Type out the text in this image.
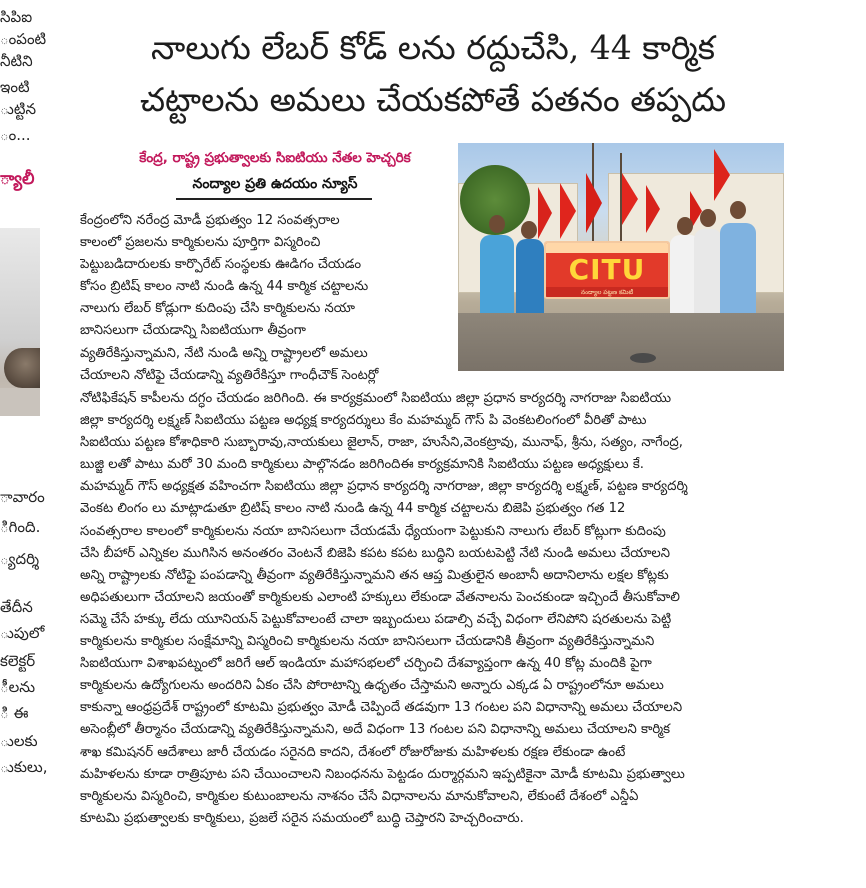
సిపిఐ
ంపంటి
నీటిని
ఇంటి
ుట్టిన
ం...
్యాలీ
ావారం
ిగింది.
్యదర్శి
తేదీన
ుపులో
కలెక్టర్
ీలను
ి ఈ
ులకు
ుకులు,
నాలుగు లేబర్ కోడ్ లను రద్దుచేసి, 44 కార్మిక
చట్టాలను అమలు చేయకపోతే పతనం తప్పదు
కేంద్ర, రాష్ట్ర ప్రభుత్వాలకు సిఐటియు నేతల హెచ్చరిక
నంద్యాల ప్రతి ఉదయం న్యూస్
CITU
నంద్యాల పట్టణ కమిటీ
కేంద్రంలోని నరేంద్ర మోడీ ప్రభుత్వం 12 సంవత్సరాల
కాలంలో ప్రజలను కార్మికులను పూర్తిగా విస్మరించి
పెట్టుబడిదారులకు కార్పొరేట్ సంస్థలకు ఊడిగం చేయడం
కోసం బ్రిటిష్ కాలం నాటి నుండి ఉన్న 44 కార్మిక చట్టాలను
నాలుగు లేబర్ కోడ్లుగా కుదింపు చేసి కార్మికులను నయా
బానిసలుగా చేయడాన్ని సిఐటియుగా తీవ్రంగా
వ్యతిరేకిస్తున్నామని, నేటి నుండి అన్ని రాష్ట్రాలలో అమలు
చేయాలని నోటిఫై చేయడాన్ని వ్యతిరేకిస్తూ గాంధీచౌక్ సెంటర్లో
నోటిఫికేషన్ కాపీలను దగ్ధం చేయడం జరిగింది. ఈ కార్యక్రమంలో సిఐటియు జిల్లా ప్రధాన కార్యదర్శి నాగరాజు సిఐటియు
జిల్లా కార్యదర్శి లక్ష్మణ్ సిఐటియు పట్టణ అధ్యక్ష కార్యదర్శులు కేం మహమ్మద్ గౌస్ పి వెంకటలింగంలో వీరితో పాటు
సిఐటియు పట్టణ కోశాధికారి సుబ్బారావు,నాయకులు జైలాన్, రాజా, హుసేని,వెంకట్రావు, మునాఫ్, శ్రీను, సత్యం, నాగేంద్ర,
బుజ్జి లతో పాటు మరో 30 మంది కార్మికులు పాల్గొనడం జరిగిందిఈ కార్యక్రమానికి సిఐటియు పట్టణ అధ్యక్షులు కే.
మహమ్మద్ గౌస్ అధ్యక్షత వహించగా సిఐటియు జిల్లా ప్రధాన కార్యదర్శి నాగరాజు, జిల్లా కార్యదర్శి లక్ష్మణ్, పట్టణ కార్యదర్శి
వెంకట లింగం లు మాట్లాడుతూ బ్రిటిష్ కాలం నాటి నుండి ఉన్న 44 కార్మిక చట్టాలను బిజెపి ప్రభుత్వం గత 12
సంవత్సరాల కాలంలో కార్మికులను నయా బానిసలుగా చేయడమే ధ్యేయంగా పెట్టుకుని నాలుగు లేబర్ కోట్లుగా కుదింపు
చేసి బీహార్ ఎన్నికల ముగిసిన అనంతరం వెంటనే బిజెపి కపట కపట బుద్ధిని బయటపెట్టి నేటి నుండి అమలు చేయాలని
అన్ని రాష్ట్రాలకు నోటిఫై పంపడాన్ని తీవ్రంగా వ్యతిరేకిస్తున్నామని తన ఆప్త మిత్రులైన అంబానీ అదానిలాను లక్షల కోట్లకు
అధిపతులుగా చేయాలని జయంతో కార్మికులకు ఎలాంటి హక్కులు లేకుండా వేతనాలను పెంచకుండా ఇచ్చిందే తీసుకోవాలి
సమ్మె చేసే హక్కు లేదు యూనియన్ పెట్టుకోవాలంటే చాలా ఇబ్బందులు పడాల్సి వచ్చే విధంగా లేనిపోని షరతులను పెట్టి
కార్మికులను కార్మికుల సంక్షేమాన్ని విస్మరించి కార్మికులను నయా బానిసలుగా చేయడానికి తీవ్రంగా వ్యతిరేకిస్తున్నామని
సిఐటియుగా విశాఖపట్నంలో జరిగే ఆల్ ఇండియా మహాసభలలో చర్చించి దేశవ్యాప్తంగా ఉన్న 40 కోట్ల మందికి పైగా
కార్మికులను ఉద్యోగులను అందరిని ఏకం చేసి పోరాటాన్ని ఉధృతం చేస్తామని అన్నారు ఎక్కడ ఏ రాష్ట్రంలోనూ అమలు
కాకున్నా ఆంధ్రప్రదేశ్ రాష్ట్రంలో కూటమి ప్రభుత్వం మోడీ చెప్పిందే తడవుగా 13 గంటల పని విధానాన్ని అమలు చేయాలని
అసెంబ్లీలో తీర్మానం చేయడాన్ని వ్యతిరేకిస్తున్నామని, అదే విధంగా 13 గంటల పని విధానాన్ని అమలు చేయాలని కార్మిక
శాఖ కమిషనర్ ఆదేశాలు జారీ చేయడం సరైనది కాదని, దేశంలో రోజురోజుకు మహిళలకు రక్షణ లేకుండా ఉంటే
మహిళలను కూడా రాత్రిపూట పని చేయించాలని నిబంధనను పెట్టడం దుర్మార్గమని ఇప్పటికైనా మోడీ కూటమి ప్రభుత్వాలు
కార్మికులను విస్మరించి, కార్మికుల కుటుంబాలను నాశనం చేసే విధానాలను మానుకోవాలని, లేకుంటే దేశంలో ఎన్డీఏ
కూటమి ప్రభుత్వాలకు కార్మికులు, ప్రజలే సరైన సమయంలో బుద్ధి చెప్తారని హెచ్చరించారు.
